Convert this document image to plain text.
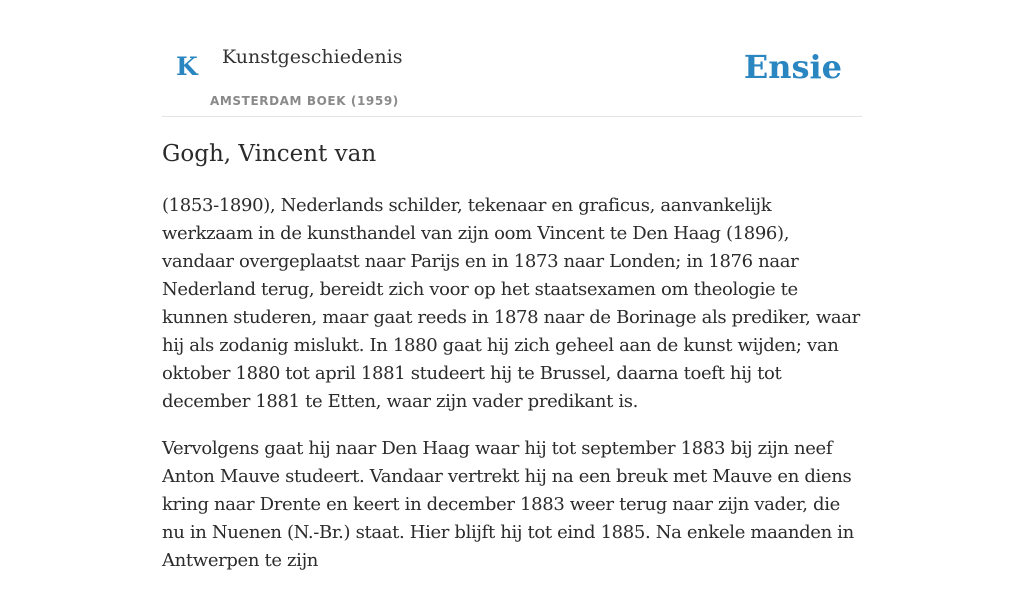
K Kunstgeschiedenis
AMSTERDAM BOEK (1959)
Ensie
Gogh, Vincent van

(1853-1890), Nederlands schilder, tekenaar en graficus, aanvankelijk werkzaam in de kunsthandel van zijn oom Vincent te Den Haag (1896), vandaar overgeplaatst naar Parijs en in 1873 naar Londen; in 1876 naar Nederland terug, bereidt zich voor op het staatsexamen om theologie te kunnen studeren, maar gaat reeds in 1878 naar de Borinage als prediker, waar hij als zodanig mislukt. In 1880 gaat hij zich geheel aan de kunst wijden; van oktober 1880 tot april 1881 studeert hij te Brussel, daarna toeft hij tot december 1881 te Etten, waar zijn vader predikant is.

Vervolgens gaat hij naar Den Haag waar hij tot september 1883 bij zijn neef Anton Mauve studeert. Vandaar vertrekt hij na een breuk met Mauve en diens kring naar Drente en keert in december 1883 weer terug naar zijn vader, die nu in Nuenen (N.-Br.) staat. Hier blijft hij tot eind 1885. Na enkele maanden in Antwerpen te zijn
